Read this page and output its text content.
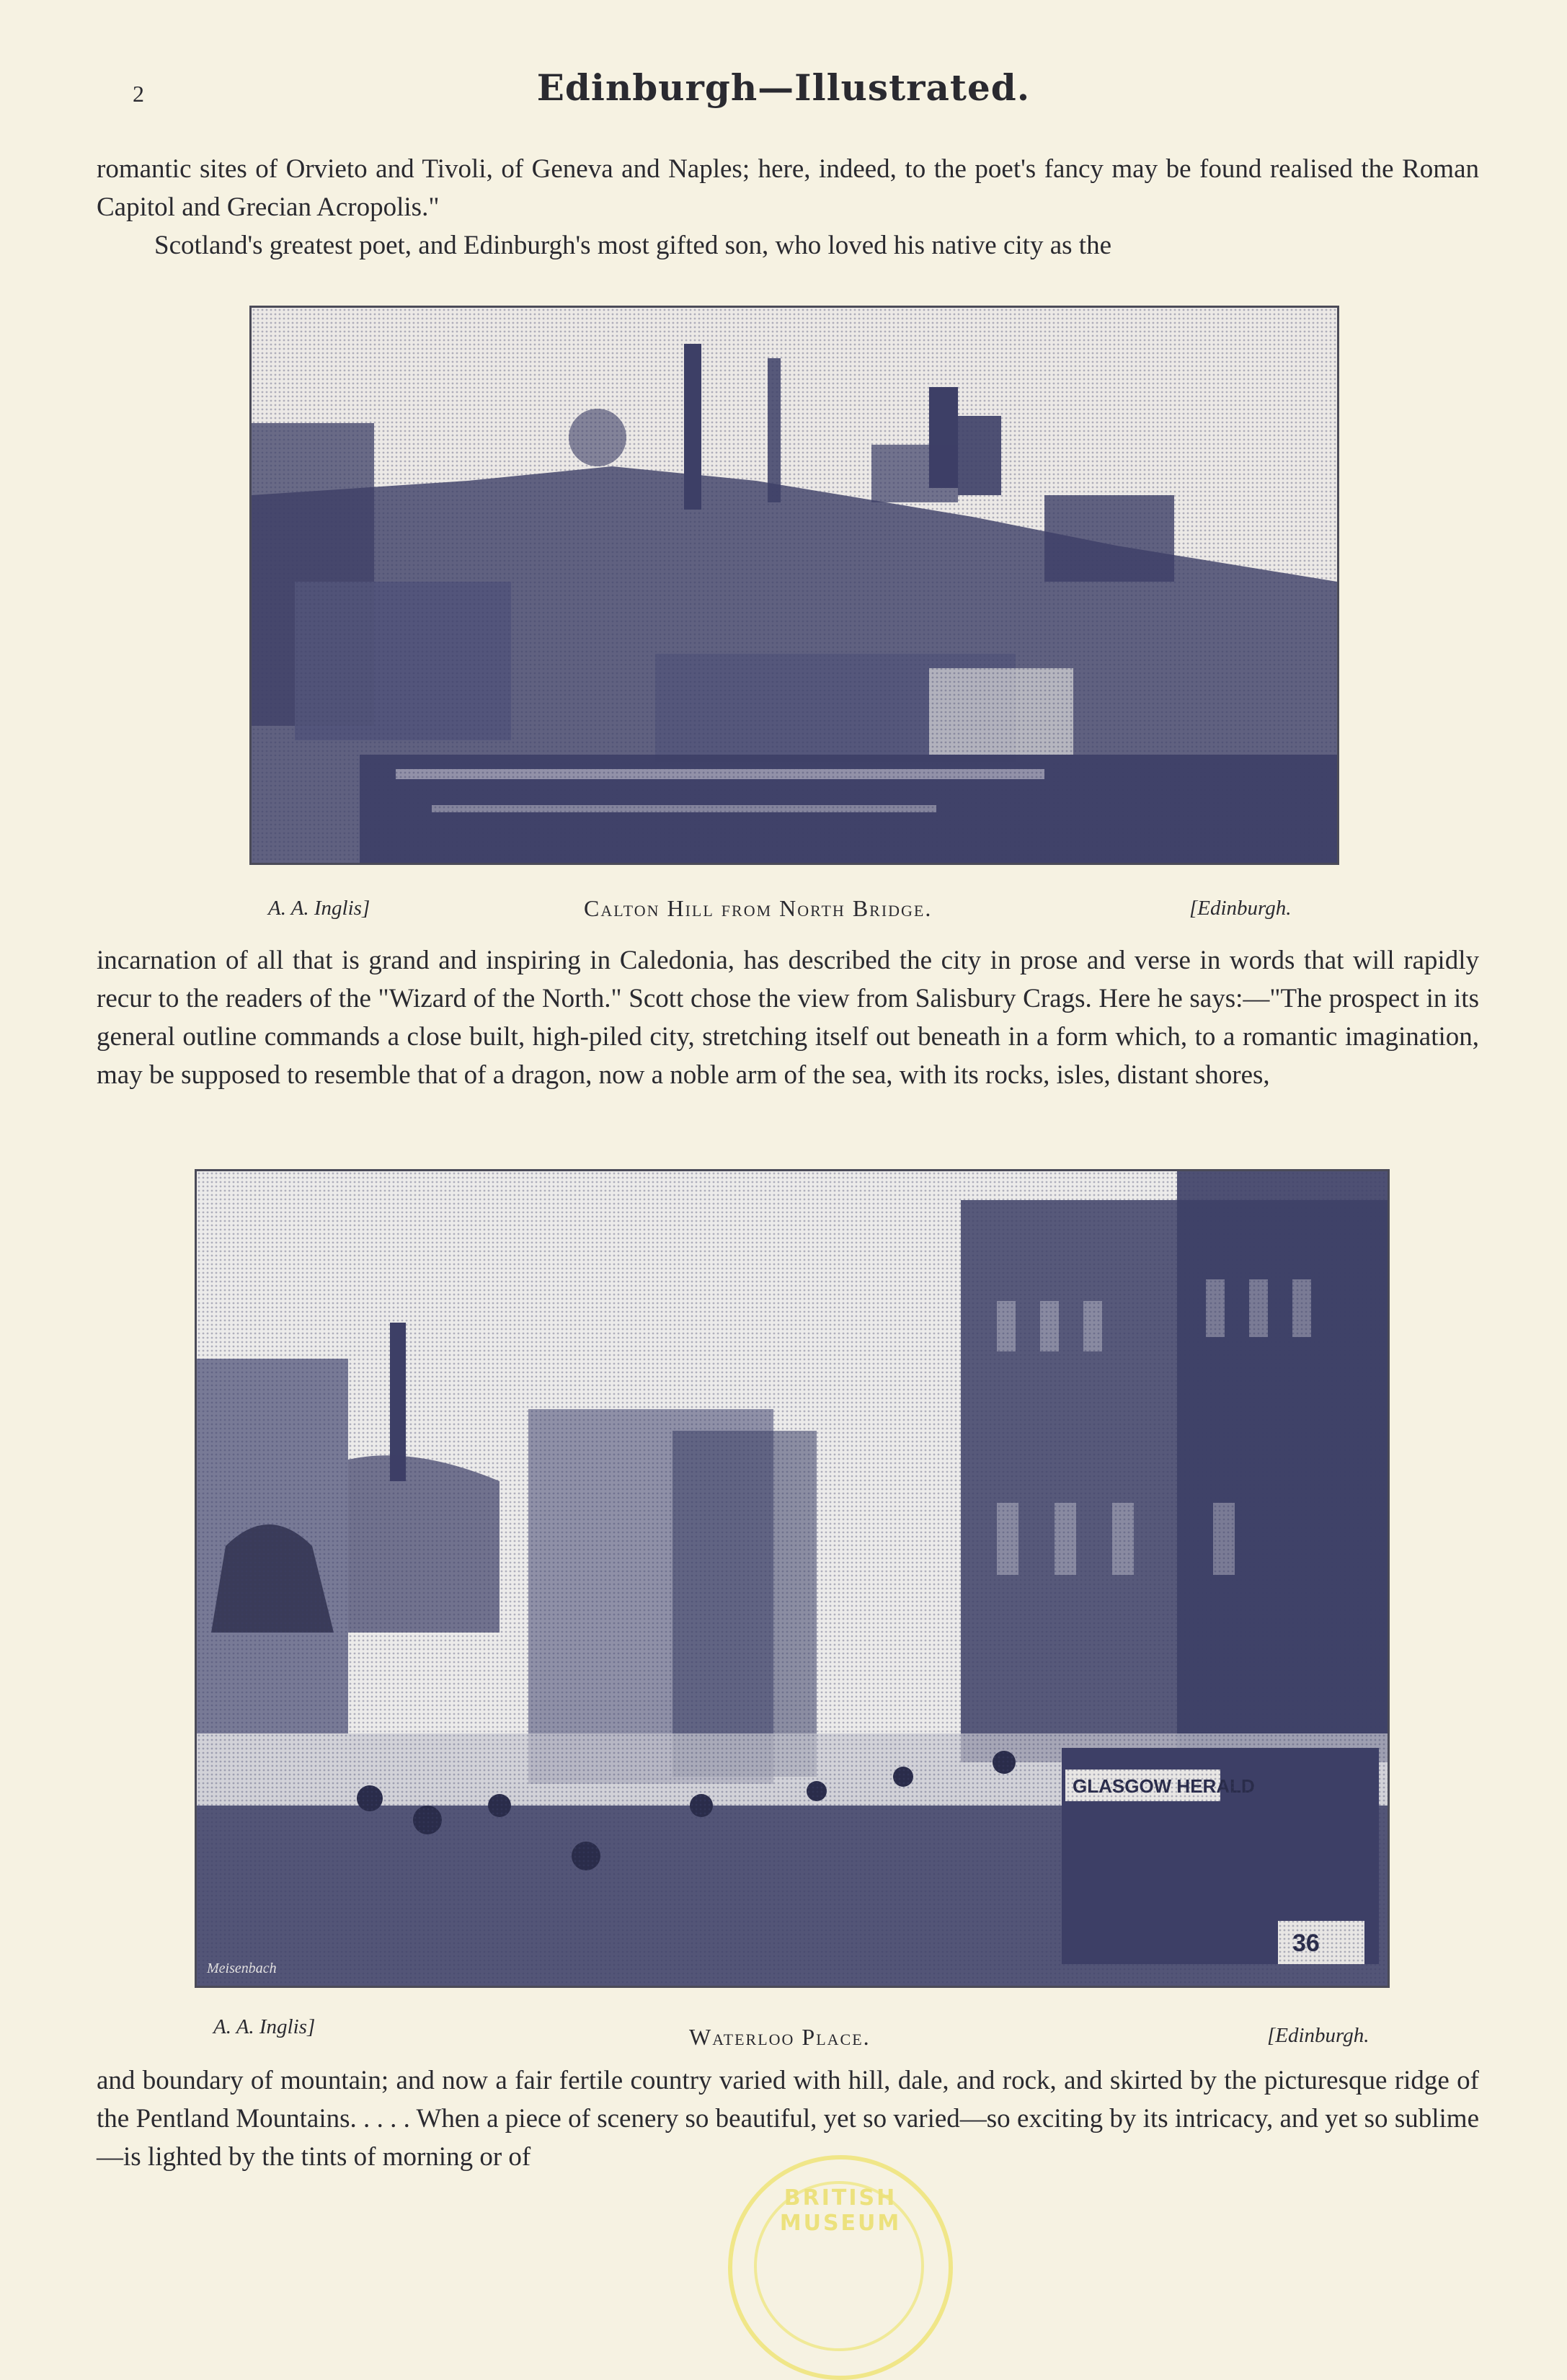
2	Edinburgh—Illustrated.

romantic sites of Orvieto and Tivoli, of Geneva and Naples; here, indeed, to the poet's fancy may be found realised the Roman Capitol and Grecian Acropolis."

Scotland's greatest poet, and Edinburgh's most gifted son, who loved his native city as the

A. A. Inglis]	Calton Hill from North Bridge.	[Edinburgh.

incarnation of all that is grand and inspiring in Caledonia, has described the city in prose and verse in words that will rapidly recur to the readers of the "Wizard of the North." Scott chose the view from Salisbury Crags. Here he says:—"The prospect in its general outline commands a close built, high-piled city, stretching itself out beneath in a form which, to a romantic imagination, may be supposed to resemble that of a dragon, now a noble arm of the sea, with its rocks, isles, distant shores,

A. A. Inglis]	Waterloo Place.	[Edinburgh.

and boundary of mountain; and now a fair fertile country varied with hill, dale, and rock, and skirted by the picturesque ridge of the Pentland Mountains. . . . . When a piece of scenery so beautiful, yet so varied—so exciting by its intricacy, and yet so sublime—is lighted by the tints of morning or of

BRITISH MUSEUM
